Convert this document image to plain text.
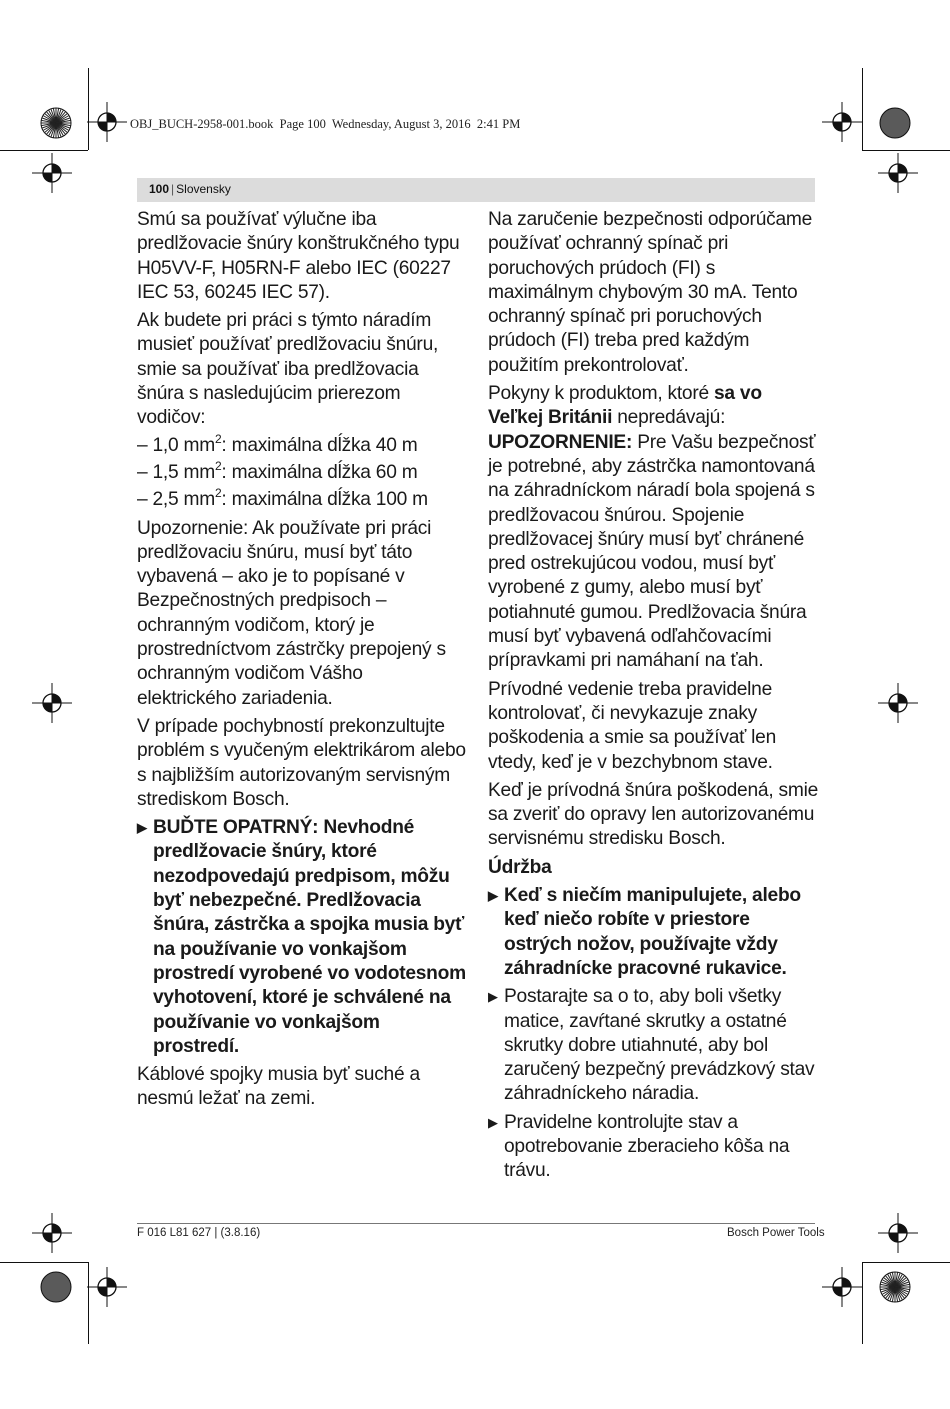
OBJ_BUCH-2958-001.book  Page 100  Wednesday, August 3, 2016  2:41 PM
100 | Slovensky

Smú sa používať výlučne iba predlžovacie šnúry konštrukčného typu H05VV-F, H05RN-F alebo IEC (60227 IEC 53, 60245 IEC 57).

Ak budete pri práci s týmto náradím musieť používať predlžovaciu šnúru, smie sa používať iba predlžovacia šnúra s nasledujúcim prierezom vodičov:

– 1,0 $mm^2$: maximálna dĺžka 40 m

– 1,5 $mm^2$: maximálna dĺžka 60 m

– 2,5 $mm^2$: maximálna dĺžka 100 m

Upozornenie: Ak používate pri práci predlžovaciu šnúru, musí byť táto vybavená – ako je to popísané v Bezpečnostných predpisoch – ochranným vodičom, ktorý je prostredníctvom zástrčky prepojený s ochranným vodičom Vášho elektrického zariadenia.

V prípade pochybností prekonzultujte problém s vyučeným elektrikárom alebo s najbližším autorizovaným servisným strediskom Bosch.

▶ BUĎTE OPATRNÝ: Nevhodné predlžovacie šnúry, ktoré nezodpovedajú predpisom, môžu byť nebezpečné. Predlžovacia šnúra, zástrčka a spojka musia byť na používanie vo vonkajšom prostredí vyrobené vo vodotesnom vyhotovení, ktoré je schválené na používanie vo vonkajšom prostredí.

Káblové spojky musia byť suché a nesmú ležať na zemi.

Na zaručenie bezpečnosti odporúčame používať ochranný spínač pri poruchových prúdoch (FI) s maximálnym chybovým 30 mA. Tento ochranný spínač pri poruchových prúdoch (FI) treba pred každým použitím prekontrolovať.

Pokyny k produktom, ktoré sa vo Veľkej Británii nepredávajú:
UPOZORNENIE: Pre Vašu bezpečnosť je potrebné, aby zástrčka namontovaná na záhradníckom náradí bola spojená s predlžovacou šnúrou. Spojenie predlžovacej šnúry musí byť chránené pred ostrekujúcou vodou, musí byť vyrobené z gumy, alebo musí byť potiahnuté gumou. Predlžovacia šnúra musí byť vybavená odľahčovacími prípravkami pri namáhaní na ťah.

Prívodné vedenie treba pravidelne kontrolovať, či nevykazuje znaky poškodenia a smie sa používať len vtedy, keď je v bezchybnom stave.

Keď je prívodná šnúra poškodená, smie sa zveriť do opravy len autorizovanému servisnému stredisku Bosch.

Údržba
▶ Keď s niečím manipulujete, alebo keď niečo robíte v priestore ostrých nožov, používajte vždy záhradnícke pracovné rukavice.
▶ Postarajte sa o to, aby boli všetky matice, zavŕtané skrutky a ostatné skrutky dobre utiahnuté, aby bol zaručený bezpečný prevádzkový stav záhradníckeho náradia.
▶ Pravidelne kontrolujte stav a opotrebovanie zberacieho kôša na trávu.
F 016 L81 627 | (3.8.16)	Bosch Power Tools
